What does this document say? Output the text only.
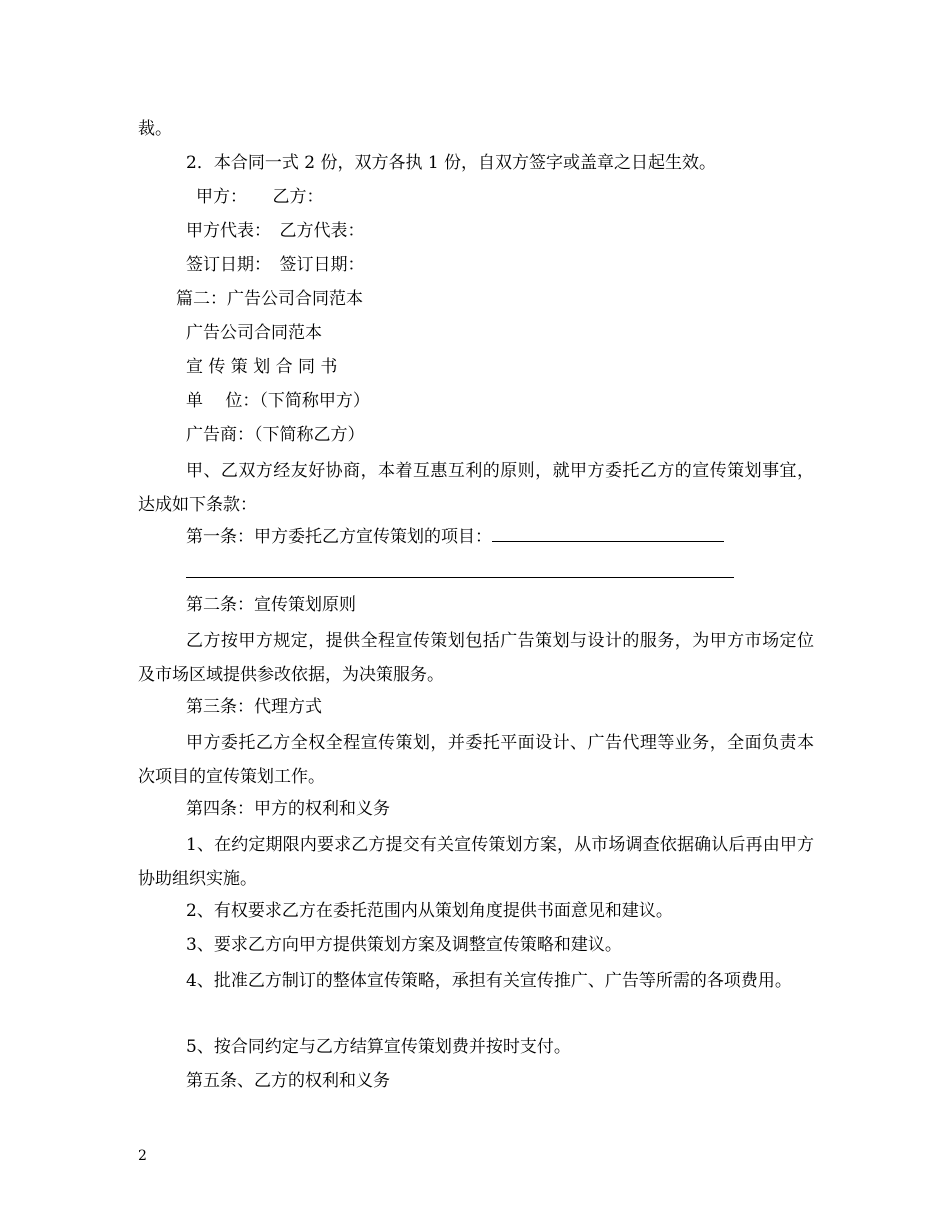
裁。
2．本合同一式 2 份，双方各执 1 份，自双方签字或盖章之日起生效。
甲方：　　乙方：
甲方代表：　乙方代表：
签订日期：　签订日期：
篇二：广告公司合同范本
广告公司合同范本
宣 传 策 划 合 同 书
单　 位：（下简称甲方）
广告商：（下简称乙方）
甲、乙双方经友好协商，本着互惠互利的原则，就甲方委托乙方的宣传策划事宜，达成如下条款：
第一条：甲方委托乙方宣传策划的项目：
第二条：宣传策划原则
乙方按甲方规定，提供全程宣传策划包括广告策划与设计的服务，为甲方市场定位及市场区域提供参改依据，为决策服务。
第三条：代理方式
甲方委托乙方全权全程宣传策划，并委托平面设计、广告代理等业务，全面负责本次项目的宣传策划工作。
第四条：甲方的权利和义务
1、在约定期限内要求乙方提交有关宣传策划方案，从市场调查依据确认后再由甲方协助组织实施。
2、有权要求乙方在委托范围内从策划角度提供书面意见和建议。
3、要求乙方向甲方提供策划方案及调整宣传策略和建议。
4、批准乙方制订的整体宣传策略，承担有关宣传推广、广告等所需的各项费用。
5、按合同约定与乙方结算宣传策划费并按时支付。
第五条、乙方的权利和义务
2
